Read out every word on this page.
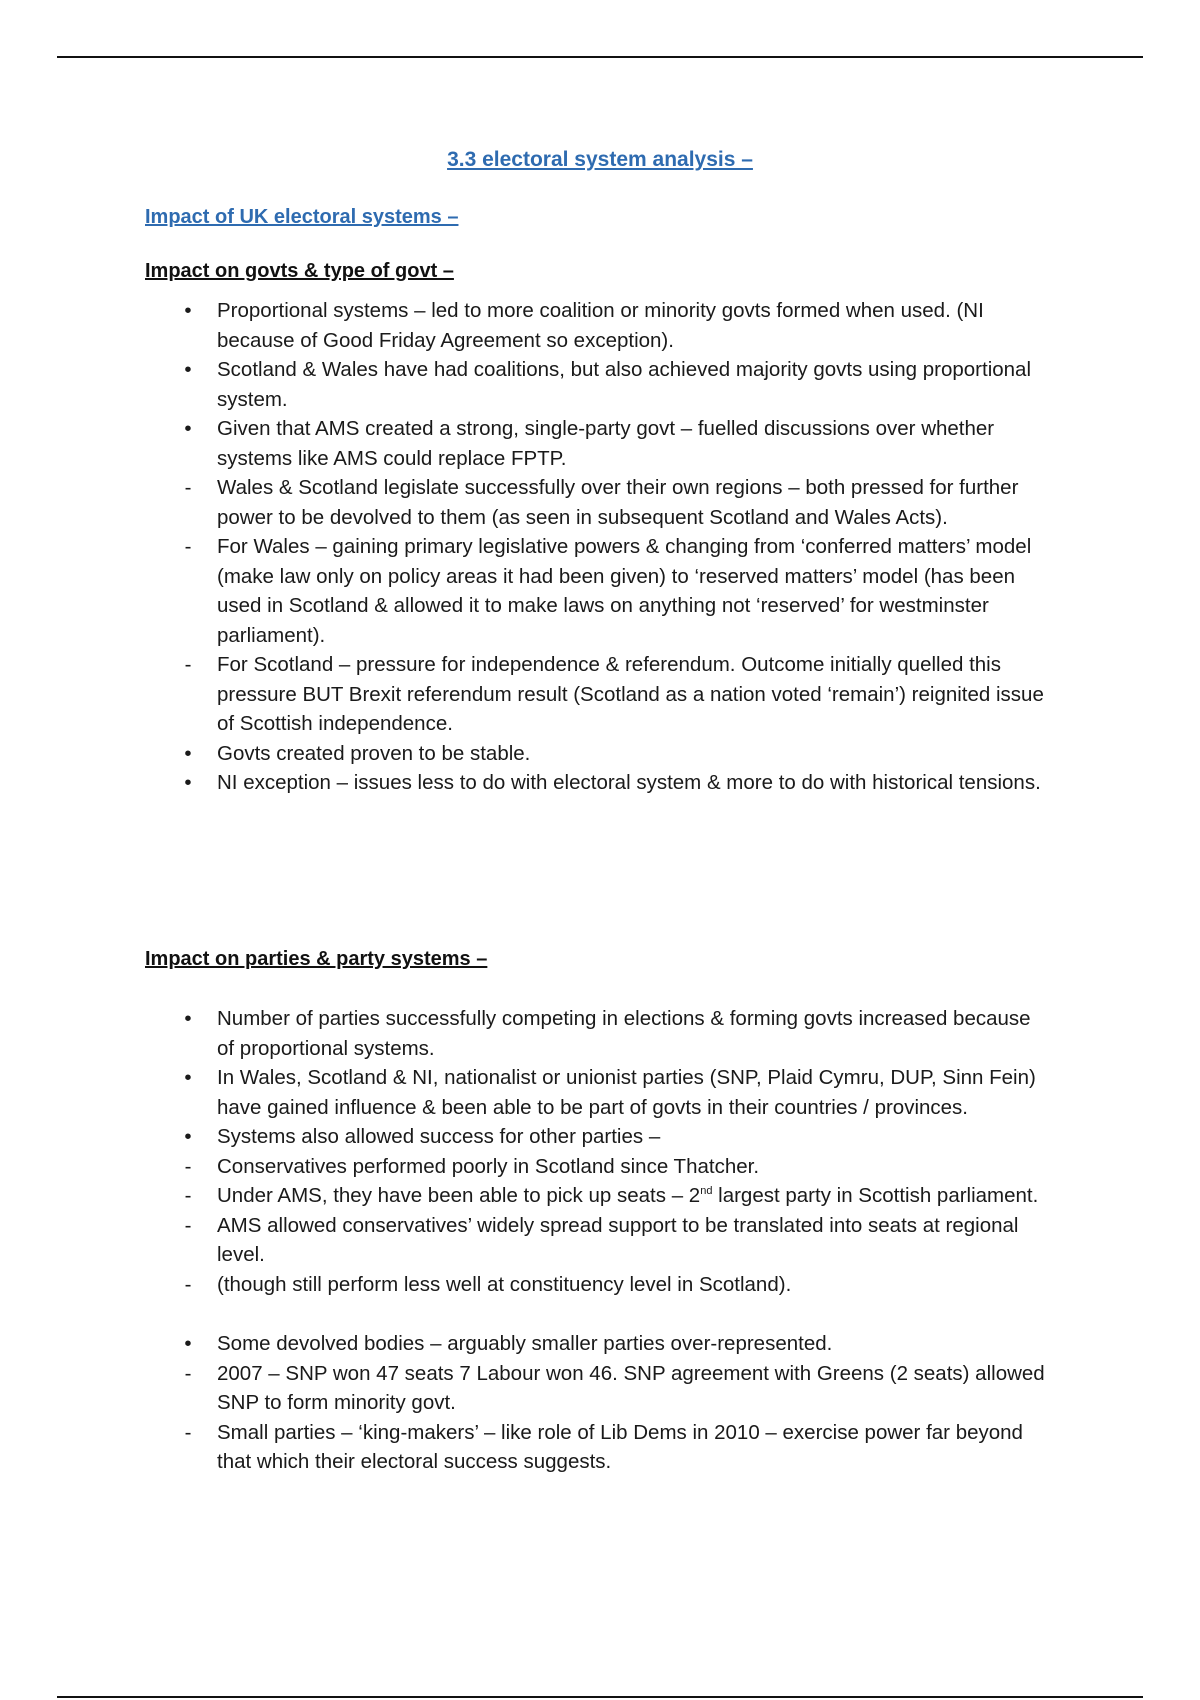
3.3 electoral system analysis –
Impact of UK electoral systems –
Impact on govts & type of govt –
• Proportional systems – led to more coalition or minority govts formed when used. (NI because of Good Friday Agreement so exception).
• Scotland & Wales have had coalitions, but also achieved majority govts using proportional system.
• Given that AMS created a strong, single-party govt – fuelled discussions over whether systems like AMS could replace FPTP.
- Wales & Scotland legislate successfully over their own regions – both pressed for further power to be devolved to them (as seen in subsequent Scotland and Wales Acts).
- For Wales – gaining primary legislative powers & changing from ‘conferred matters’ model (make law only on policy areas it had been given) to ‘reserved matters’ model (has been used in Scotland & allowed it to make laws on anything not ‘reserved’ for westminster parliament).
- For Scotland – pressure for independence & referendum. Outcome initially quelled this pressure BUT Brexit referendum result (Scotland as a nation voted ‘remain’) reignited issue of Scottish independence.
• Govts created proven to be stable.
• NI exception – issues less to do with electoral system & more to do with historical tensions.
Impact on parties & party systems –
• Number of parties successfully competing in elections & forming govts increased because of proportional systems.
• In Wales, Scotland & NI, nationalist or unionist parties (SNP, Plaid Cymru, DUP, Sinn Fein) have gained influence & been able to be part of govts in their countries / provinces.
• Systems also allowed success for other parties –
- Conservatives performed poorly in Scotland since Thatcher.
- Under AMS, they have been able to pick up seats – 2nd largest party in Scottish parliament.
- AMS allowed conservatives’ widely spread support to be translated into seats at regional level.
- (though still perform less well at constituency level in Scotland).
• Some devolved bodies – arguably smaller parties over-represented.
- 2007 – SNP won 47 seats 7 Labour won 46. SNP agreement with Greens (2 seats) allowed SNP to form minority govt.
- Small parties – ‘king-makers’ – like role of Lib Dems in 2010 – exercise power far beyond that which their electoral success suggests.
